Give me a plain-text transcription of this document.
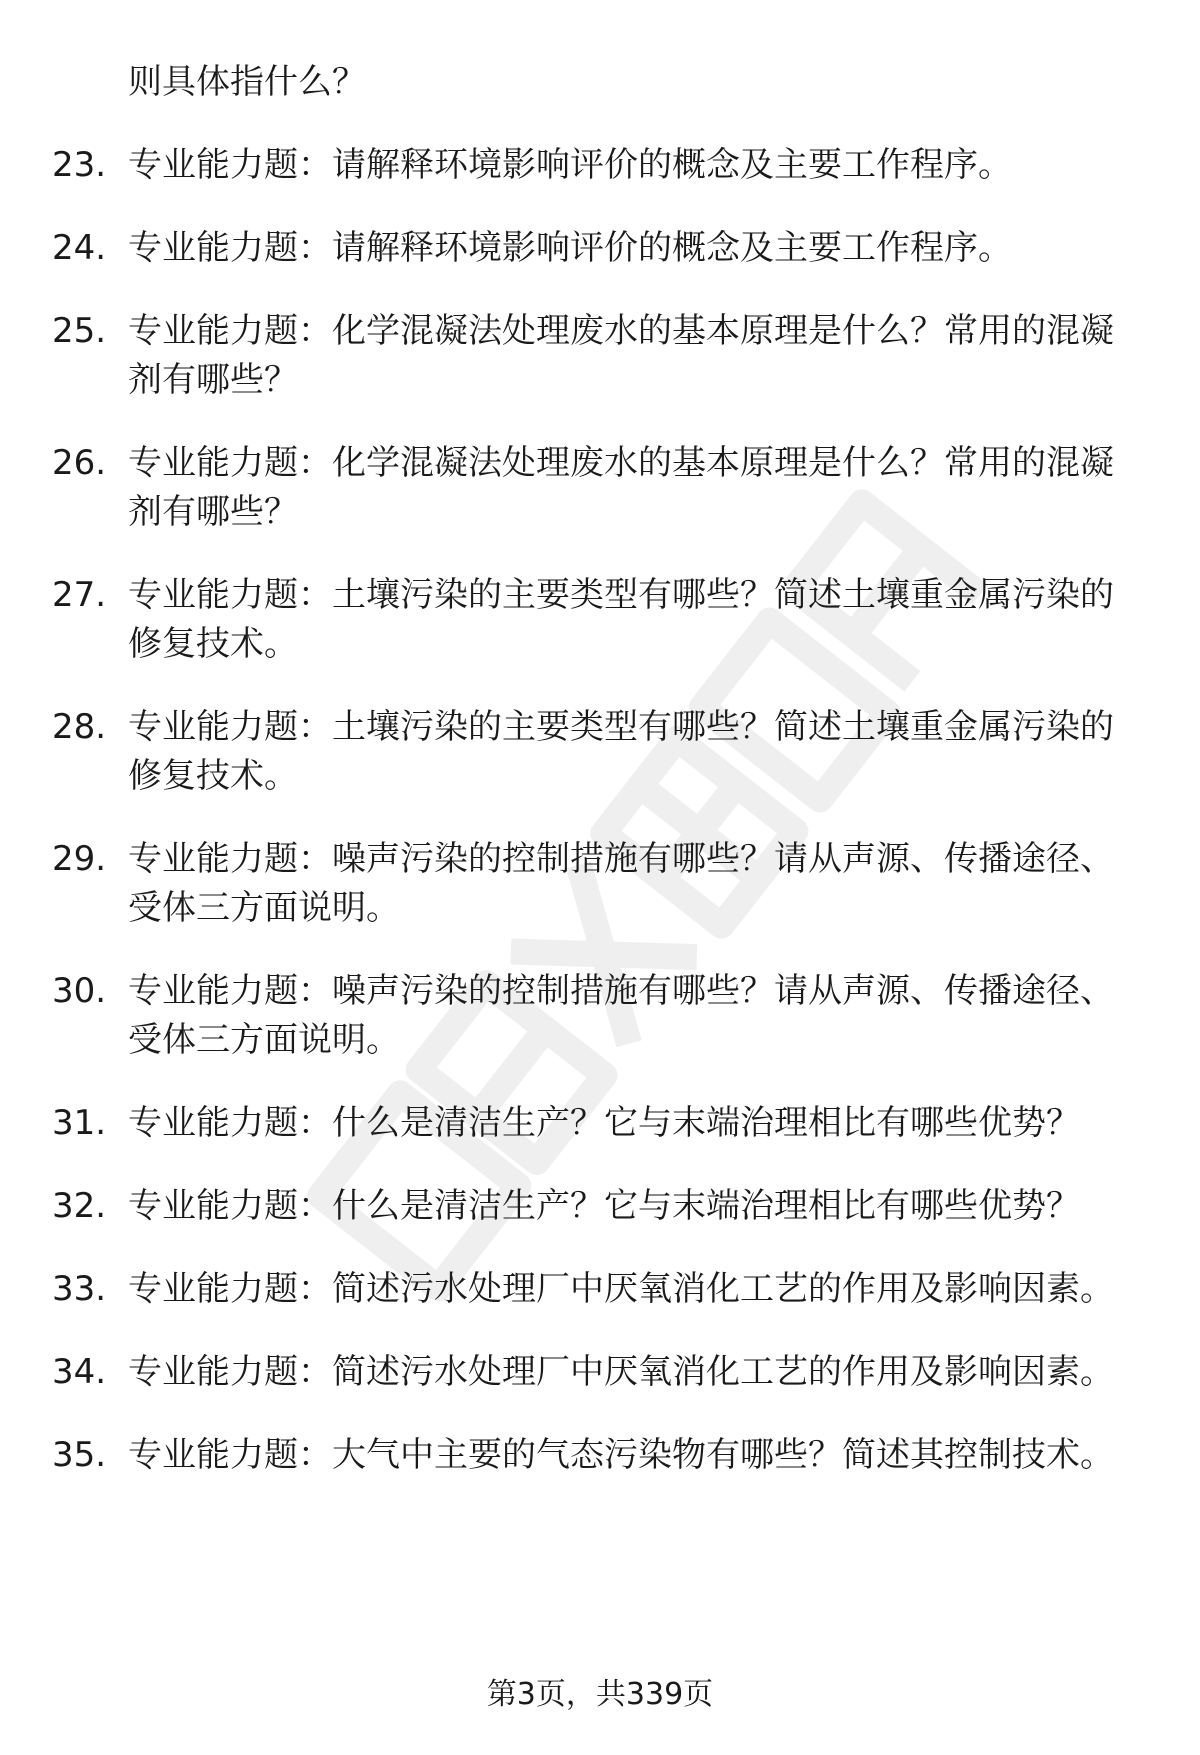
则具体指什么？
23. 专业能力题：请解释环境影响评价的概念及主要工作程序。
24. 专业能力题：请解释环境影响评价的概念及主要工作程序。
25. 专业能力题：化学混凝法处理废水的基本原理是什么？常用的混凝剂有哪些？
26. 专业能力题：化学混凝法处理废水的基本原理是什么？常用的混凝剂有哪些？
27. 专业能力题：土壤污染的主要类型有哪些？简述土壤重金属污染的修复技术。
28. 专业能力题：土壤污染的主要类型有哪些？简述土壤重金属污染的修复技术。
29. 专业能力题：噪声污染的控制措施有哪些？请从声源、传播途径、受体三方面说明。
30. 专业能力题：噪声污染的控制措施有哪些？请从声源、传播途径、受体三方面说明。
31. 专业能力题：什么是清洁生产？它与末端治理相比有哪些优势？
32. 专业能力题：什么是清洁生产？它与末端治理相比有哪些优势？
33. 专业能力题：简述污水处理厂中厌氧消化工艺的作用及影响因素。
34. 专业能力题：简述污水处理厂中厌氧消化工艺的作用及影响因素。
35. 专业能力题：大气中主要的气态污染物有哪些？简述其控制技术。
第3页，共339页
